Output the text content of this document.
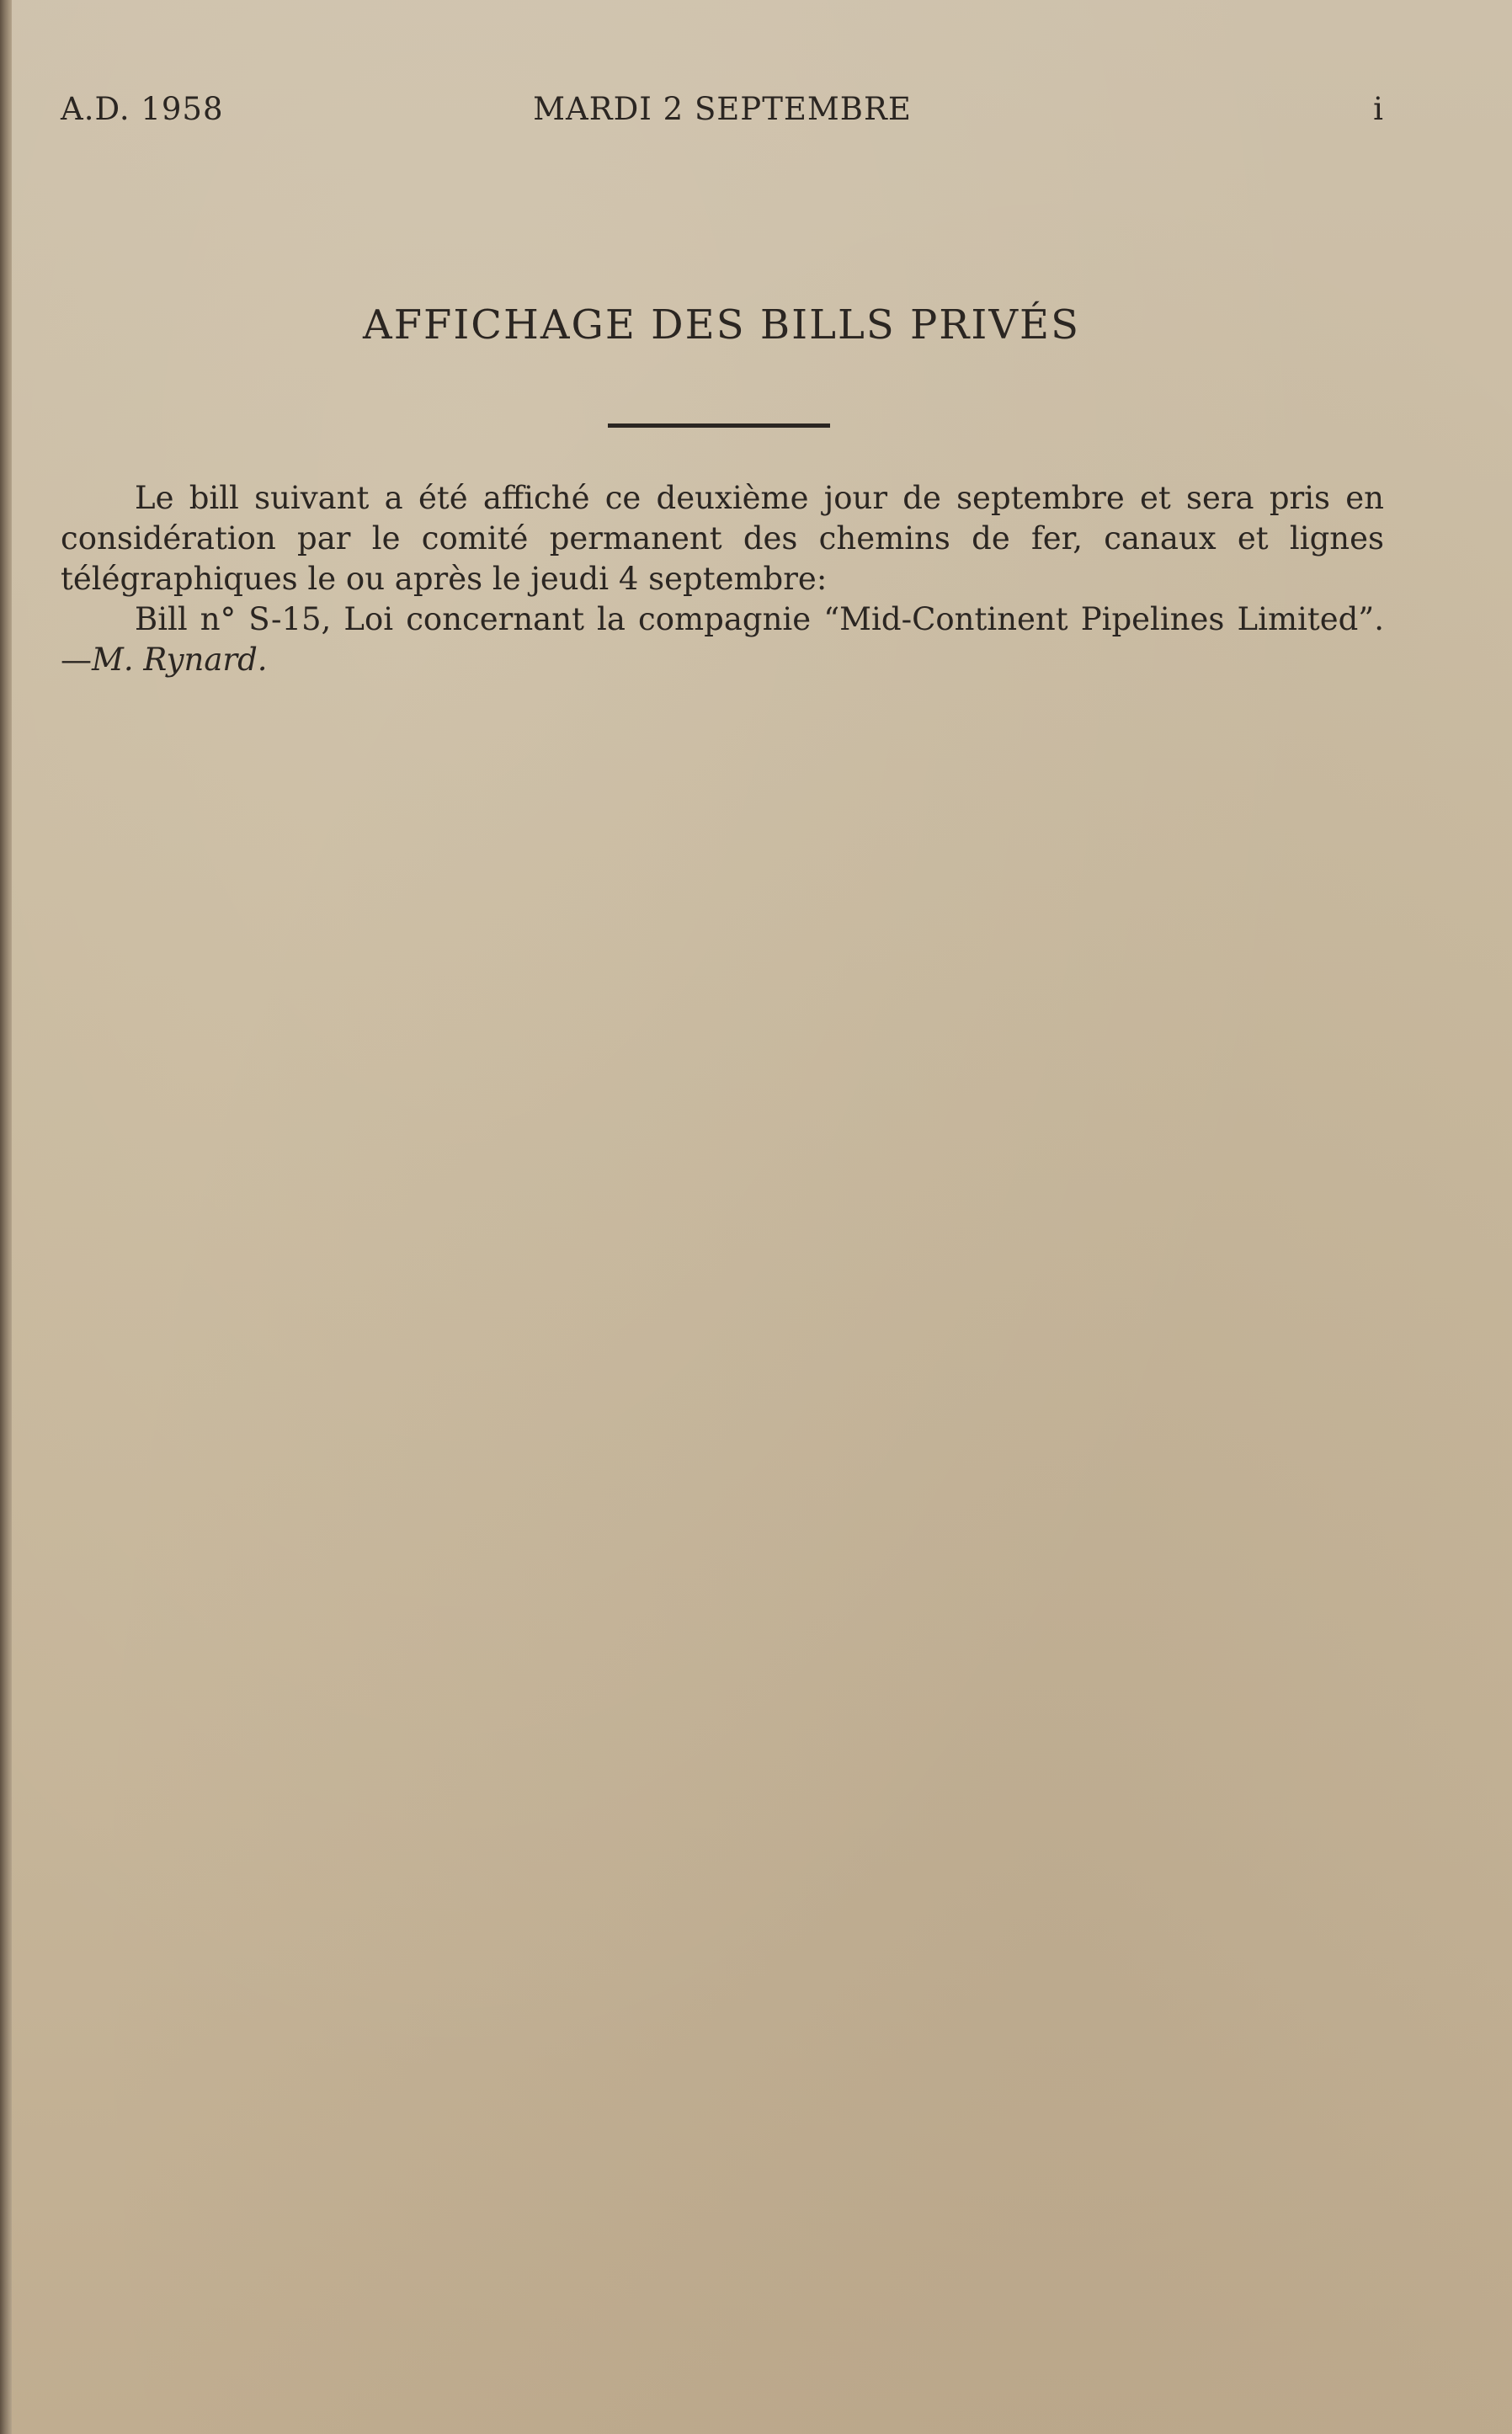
A.D. 1958	MARDI 2 SEPTEMBRE	i
AFFICHAGE DES BILLS PRIVÉS

Le bill suivant a été affiché ce deuxième jour de septembre et sera pris en considération par le comité permanent des chemins de fer, canaux et lignes télégraphiques le ou après le jeudi 4 septembre:

Bill n° S-15, Loi concernant la compagnie “Mid-Continent Pipelines Limited”.—M. Rynard.
